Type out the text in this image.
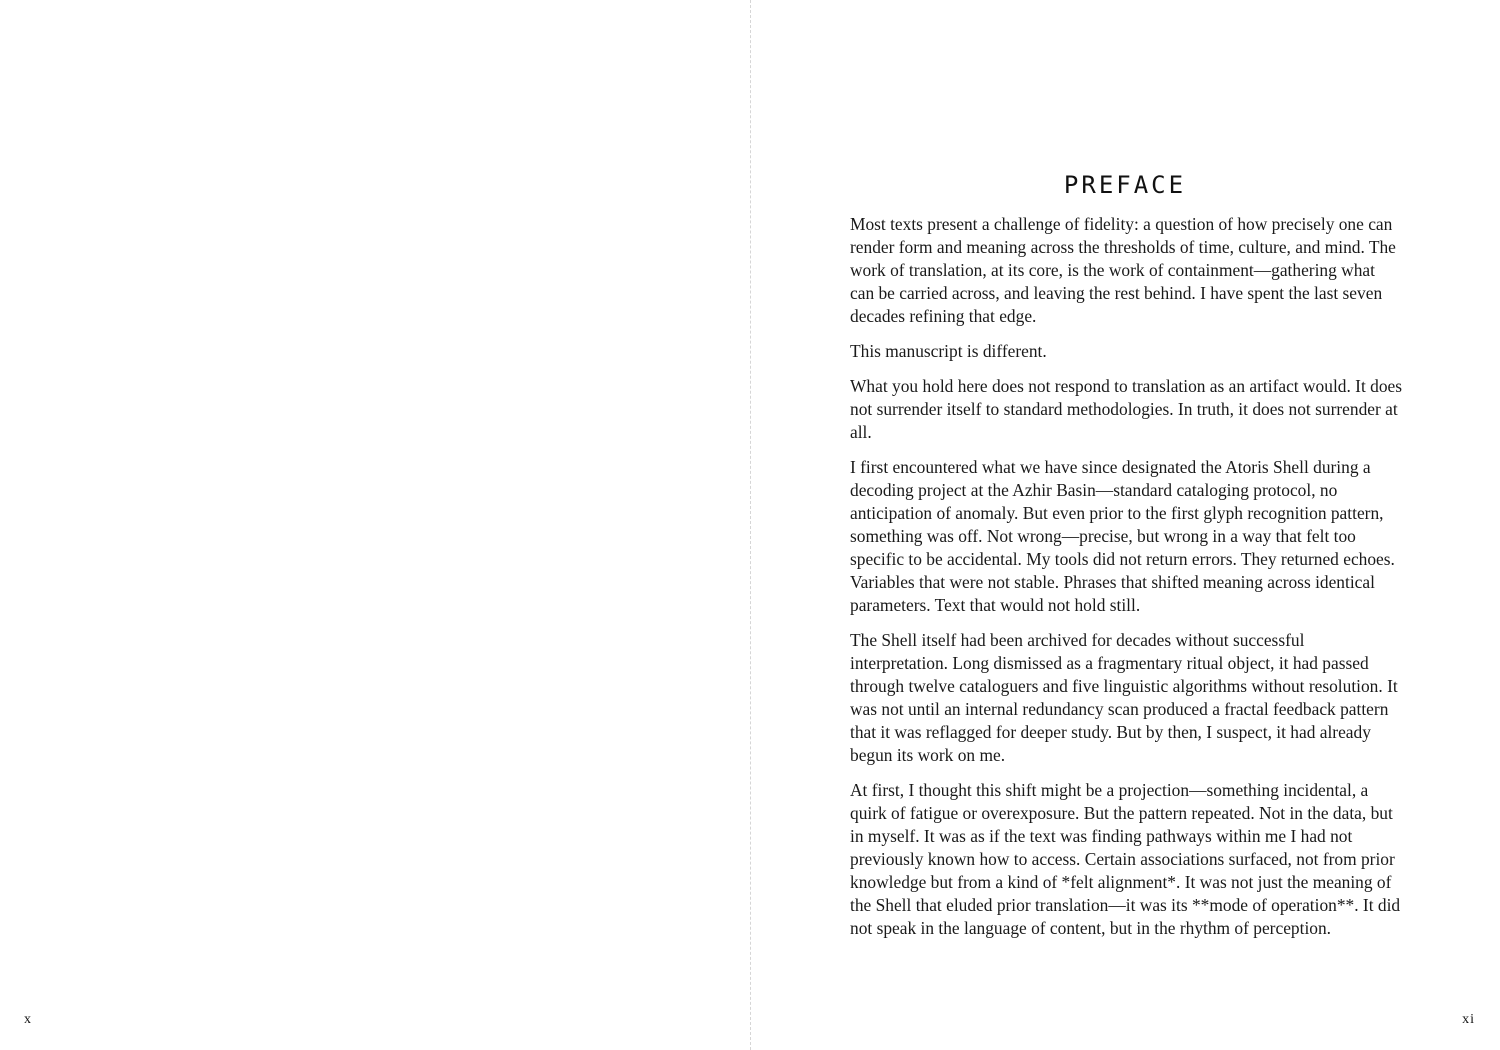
x
PREFACE

Most texts present a challenge of fidelity: a question of how precisely one can render form and meaning across the thresholds of time, culture, and mind. The work of translation, at its core, is the work of containment—gathering what can be carried across, and leaving the rest behind. I have spent the last seven decades refining that edge.

This manuscript is different.

What you hold here does not respond to translation as an artifact would. It does not surrender itself to standard methodologies. In truth, it does not surrender at all.

I first encountered what we have since designated the Atoris Shell during a decoding project at the Azhir Basin—standard cataloging protocol, no anticipation of anomaly. But even prior to the first glyph recognition pattern, something was off. Not wrong—precise, but wrong in a way that felt too specific to be accidental. My tools did not return errors. They returned echoes. Variables that were not stable. Phrases that shifted meaning across identical parameters. Text that would not hold still.

The Shell itself had been archived for decades without successful interpretation. Long dismissed as a fragmentary ritual object, it had passed through twelve cataloguers and five linguistic algorithms without resolution. It was not until an internal redundancy scan produced a fractal feedback pattern that it was reflagged for deeper study. But by then, I suspect, it had already begun its work on me.

At first, I thought this shift might be a projection—something incidental, a quirk of fatigue or overexposure. But the pattern repeated. Not in the data, but in myself. It was as if the text was finding pathways within me I had not previously known how to access. Certain associations surfaced, not from prior knowledge but from a kind of *felt alignment*. It was not just the meaning of the Shell that eluded prior translation—it was its **mode of operation**. It did not speak in the language of content, but in the rhythm of perception.

xi
